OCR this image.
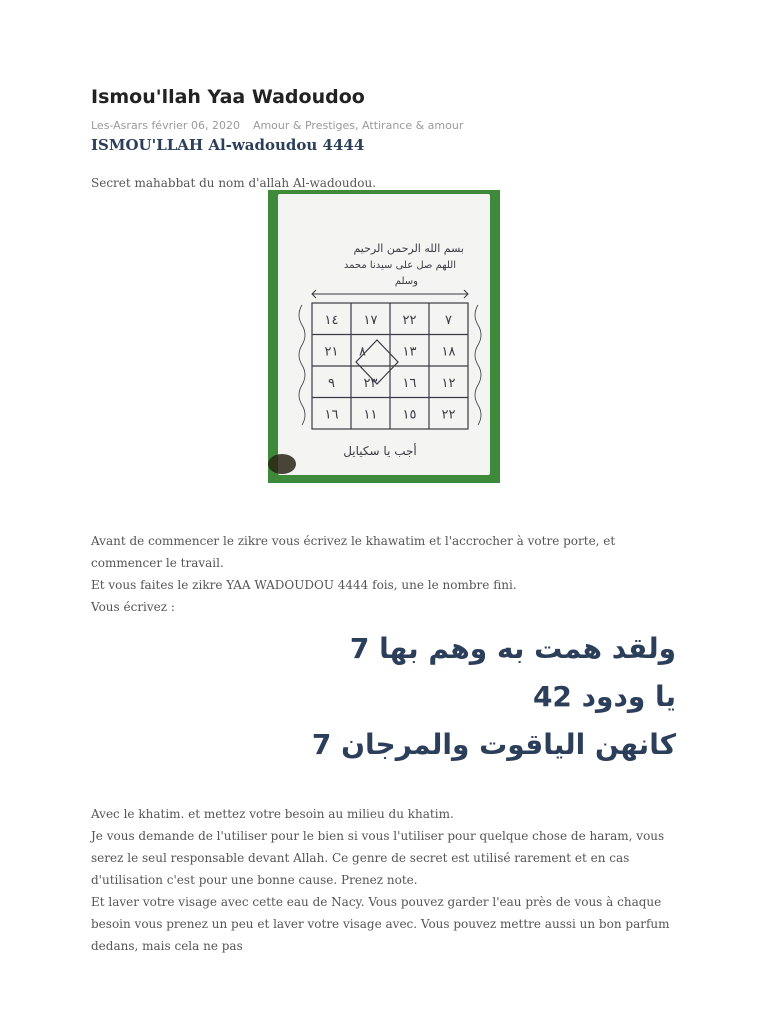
Ismou'llah Yaa Wadoudoo
Les-Asrars février 06, 2020 Amour & Prestiges, Attirance & amour
ISMOU'LLAH Al-wadoudou 4444

Secret mahabbat du nom d'allah Al-wadoudou.

بسم الله الرحمن الرحيم
اللهم صل على سيدنا محمد
وسلم
١٤ ١٧ ٢٢ ٧
٢١	١٣ ١٨
٩ ٢٣ ١٦ ١٢
١٦ ١١ ١٥ ٢٢
٨
أجب يا سكيايل

Avant de commencer le zikre vous écrivez le khawatim et l'accrocher à votre porte, et commencer le travail.

Et vous faites le zikre YAA WADOUDOU 4444 fois, une le nombre fini.

Vous écrivez :

ولقد همت به وهم بها 7
يا ودود 42
كانهن الياقوت والمرجان 7

Avec le khatim. et mettez votre besoin au milieu du khatim.

Je vous demande de l'utiliser pour le bien si vous l'utiliser pour quelque chose de haram, vous serez le seul responsable devant Allah. Ce genre de secret est utilisé rarement et en cas d'utilisation c'est pour une bonne cause. Prenez note.

Et laver votre visage avec cette eau de Nacy. Vous pouvez garder l'eau près de vous à chaque besoin vous prenez un peu et laver votre visage avec. Vous pouvez mettre aussi un bon parfum dedans, mais cela ne pas
